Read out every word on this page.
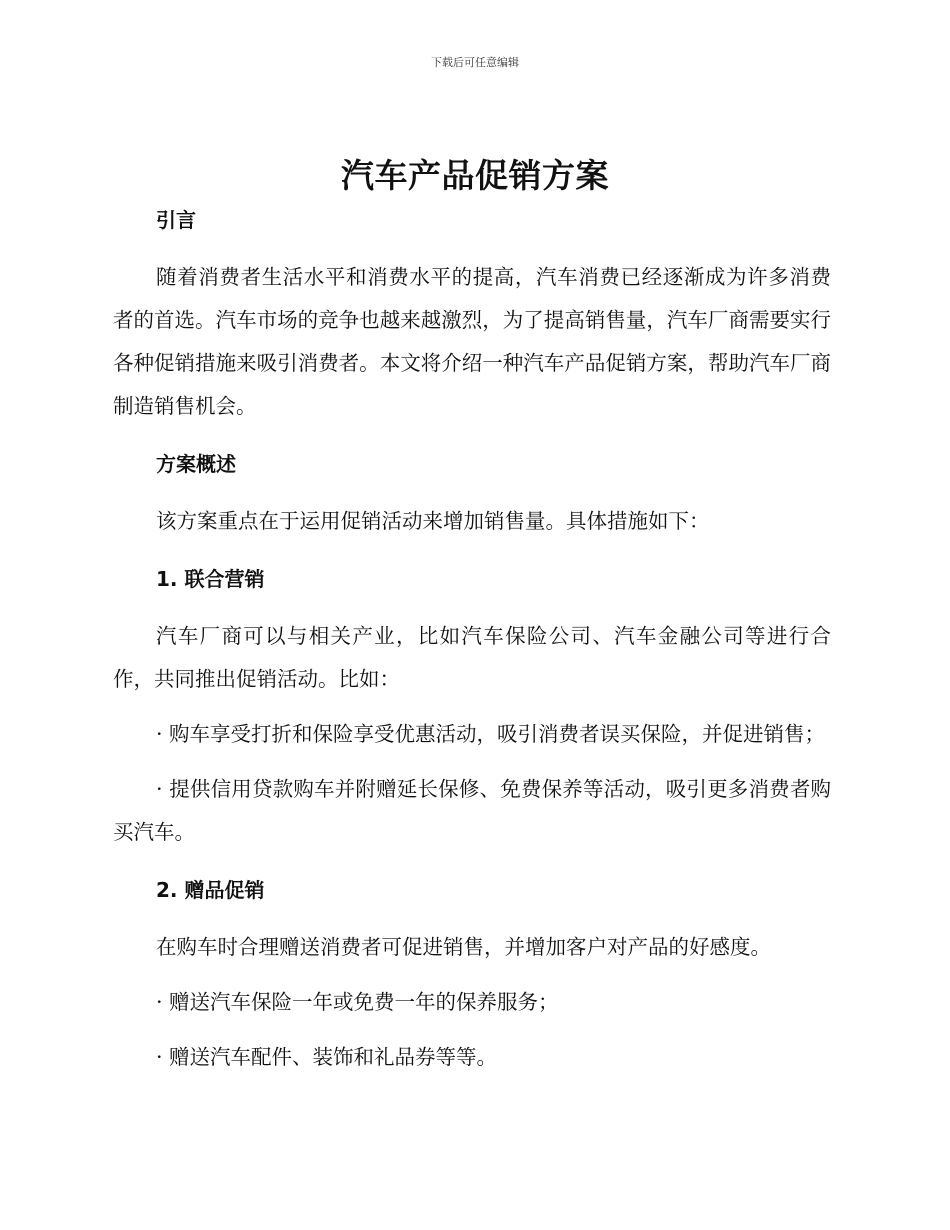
下载后可任意编辑
汽车产品促销方案
引言

随着消费者生活水平和消费水平的提高，汽车消费已经逐渐成为许多消费者的首选。汽车市场的竞争也越来越激烈，为了提高销售量，汽车厂商需要实行各种促销措施来吸引消费者。本文将介绍一种汽车产品促销方案，帮助汽车厂商制造销售机会。

方案概述

该方案重点在于运用促销活动来增加销售量。具体措施如下：

1. 联合营销

汽车厂商可以与相关产业，比如汽车保险公司、汽车金融公司等进行合作，共同推出促销活动。比如：

· 购车享受打折和保险享受优惠活动，吸引消费者误买保险，并促进销售；

· 提供信用贷款购车并附赠延长保修、免费保养等活动，吸引更多消费者购买汽车。

2. 赠品促销

在购车时合理赠送消费者可促进销售，并增加客户对产品的好感度。

· 赠送汽车保险一年或免费一年的保养服务；

· 赠送汽车配件、装饰和礼品券等等。
